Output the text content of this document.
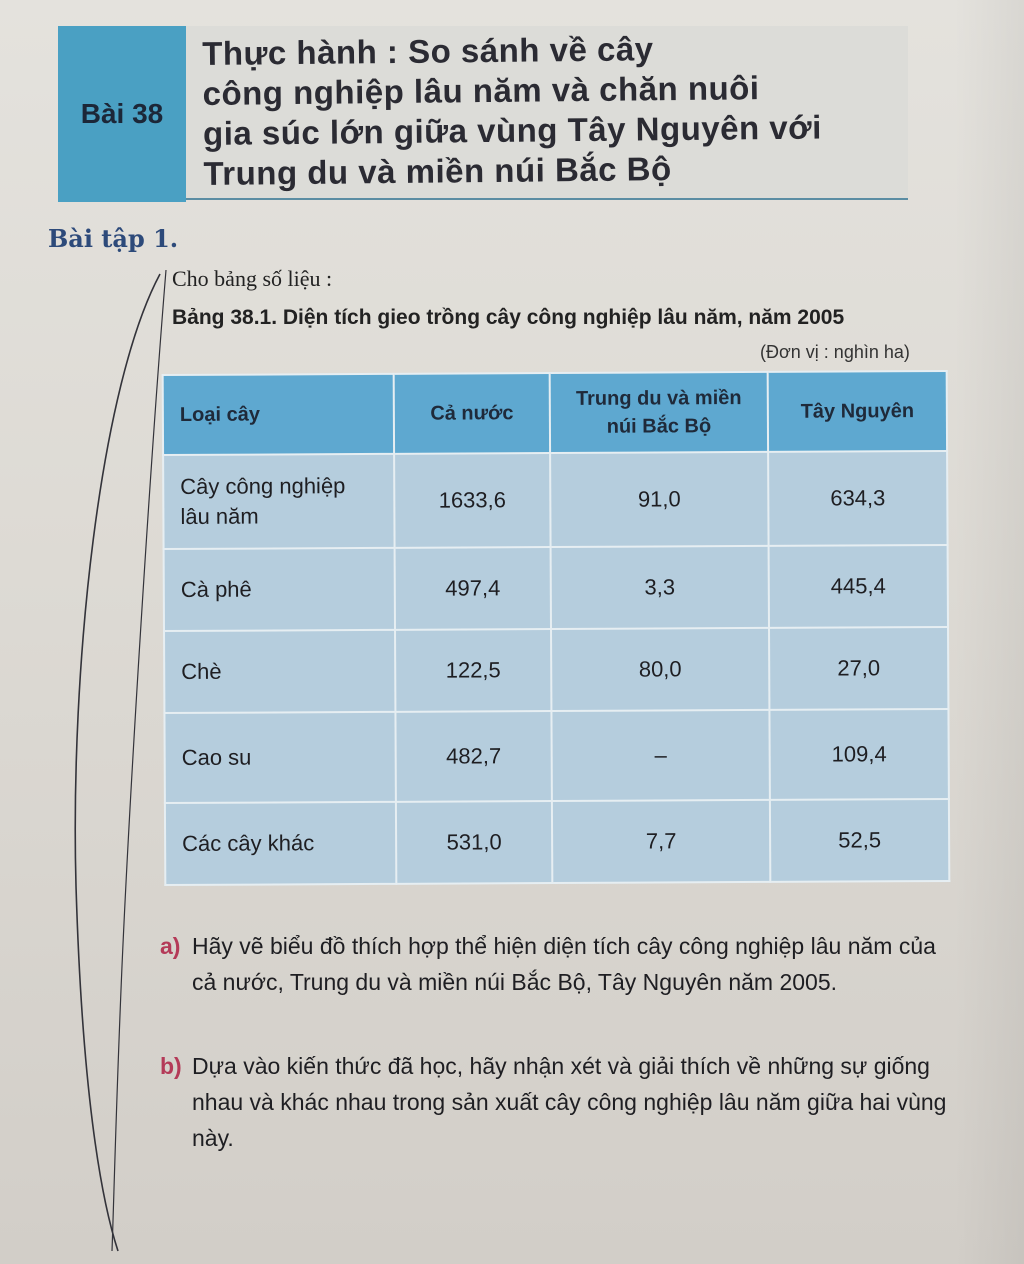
Bài 38
Thực hành : So sánh về cây
công nghiệp lâu năm và chăn nuôi
gia súc lớn giữa vùng Tây Nguyên với
Trung du và miền núi Bắc Bộ
Bài tập 1.

Cho bảng số liệu :

Bảng 38.1. Diện tích gieo trồng cây công nghiệp lâu năm, năm 2005

(Đơn vị : nghìn ha)

Loại cây	Cả nước	Trung du và miền núi Bắc Bộ	Tây Nguyên
Cây công nghiệp lâu năm	1633,6	91,0	634,3
Cà phê	497,4	3,3	445,4
Chè	122,5	80,0	27,0
Cao su	482,7	–	109,4
Các cây khác	531,0	7,7	52,5

a) Hãy vẽ biểu đồ thích hợp thể hiện diện tích cây công nghiệp lâu năm của cả nước, Trung du và miền núi Bắc Bộ, Tây Nguyên năm 2005.

b) Dựa vào kiến thức đã học, hãy nhận xét và giải thích về những sự giống nhau và khác nhau trong sản xuất cây công nghiệp lâu năm giữa hai vùng này.
